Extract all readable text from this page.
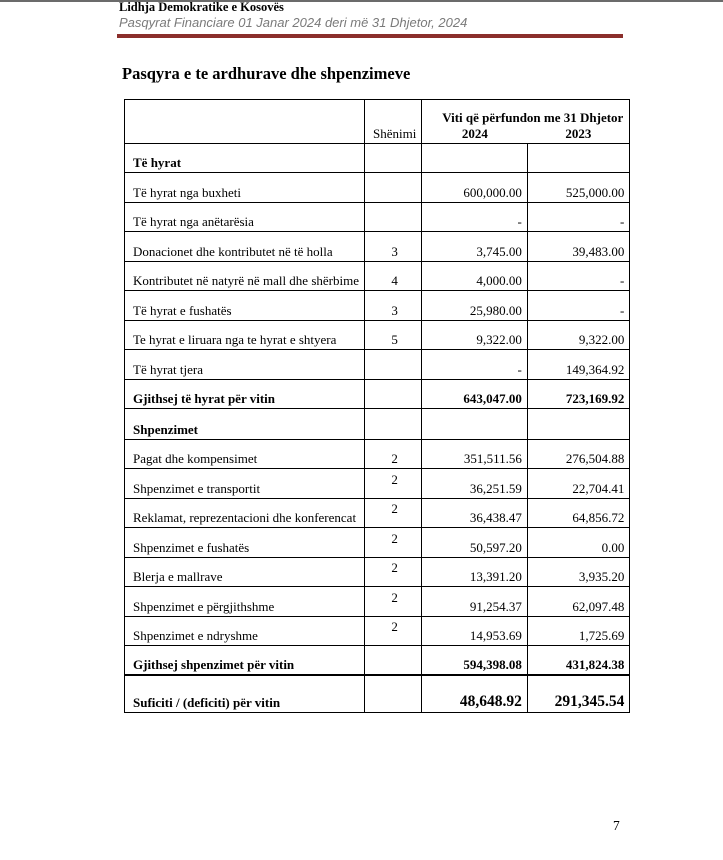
Lidhja Demokratike e Kosovës
Pasqyrat Financiare 01 Janar 2024 deri më 31 Dhjetor, 2024
Pasqyra e te ardhurave dhe shpenzimeve
	Shënimi	Viti që përfundon me 31 Dhjetor
2024 2023	

Të hyrat			
Të hyrat nga buxheti		600,000.00	525,000.00
Të hyrat nga anëtarësia		-	-
Donacionet dhe kontributet në të holla	3	3,745.00	39,483.00
Kontributet në natyrë në mall dhe shërbime	4	4,000.00	-
Të hyrat e fushatës	3	25,980.00	-
Te hyrat e liruara nga te hyrat e shtyera	5	9,322.00	9,322.00
Të hyrat tjera		-	149,364.92
Gjithsej të hyrat për vitin		643,047.00	723,169.92
Shpenzimet			
Pagat dhe kompensimet	2	351,511.56	276,504.88
Shpenzimet e transportit	2	36,251.59	22,704.41
Reklamat, reprezentacioni dhe konferencat	2	36,438.47	64,856.72
Shpenzimet e fushatës	2	50,597.20	0.00
Blerja e mallrave	2	13,391.20	3,935.20
Shpenzimet e përgjithshme	2	91,254.37	62,097.48
Shpenzimet e ndryshme	2	14,953.69	1,725.69
Gjithsej shpenzimet për vitin		594,398.08	431,824.38
Suficiti / (deficiti) për vitin		48,648.92	291,345.54
7
